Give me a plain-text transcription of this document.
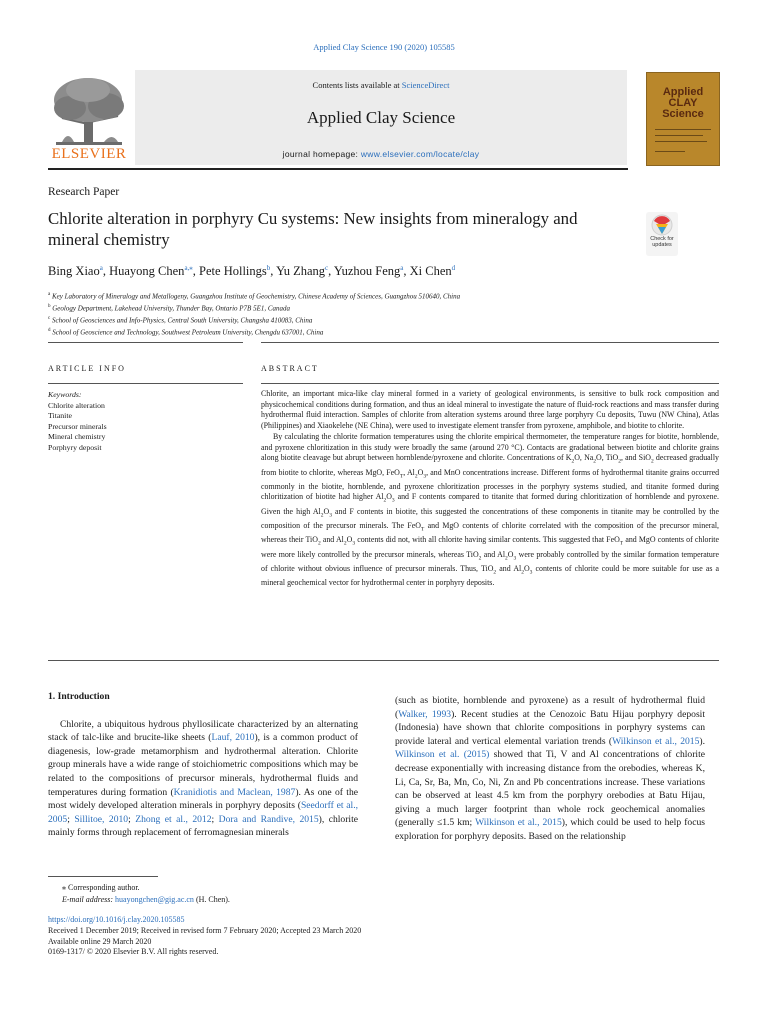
Applied Clay Science 190 (2020) 105585
Contents lists available at ScienceDirect
Applied Clay Science
journal homepage: www.elsevier.com/locate/clay
ELSEVIER
Applied CLAY Science
Research Paper
Chlorite alteration in porphyry Cu systems: New insights from mineralogy and mineral chemistry	Check for updates
Bing Xiao$^a$, Huayong Chen$^{a,⁎}$, Pete Hollings$^b$, Yu Zhang$^c$, Yuzhou Feng$^a$, Xi Chen$^d$
$^a$ Key Laboratory of Mineralogy and Metallogeny, Guangzhou Institute of Geochemistry, Chinese Academy of Sciences, Guangzhou 510640, China
$^b$ Geology Department, Lakehead University, Thunder Bay, Ontario P7B 5E1, Canada
$^c$ School of Geosciences and Info-Physics, Central South University, Changsha 410083, China
$^d$ School of Geoscience and Technology, Southwest Petroleum University, Chengdu 637001, China
ARTICLE INFO	ABSTRACT
Keywords:
Chlorite alteration
Titanite
Precursor minerals
Mineral chemistry
Porphyry deposit

Chlorite, an important mica-like clay mineral formed in a variety of geological environments, is sensitive to bulk rock composition and physicochemical conditions during formation, and thus an ideal mineral to investigate the nature of fluid-rock reactions and mass transfer during hydrothermal fluid interaction. Samples of chlorite from alteration systems around three large porphyry Cu deposits, Tuwu (NW China), Atlas (Philippines) and Xiaokelehe (NE China), were used to investigate element transfer from pyroxene, amphibole, and biotite to chlorite.

By calculating the chlorite formation temperatures using the chlorite empirical thermometer, the temperature ranges for biotite, hornblende, and pyroxene chloritization in this study were broadly the same (around 270 °C). Contacts are gradational between biotite and chlorite grains along biotite cleavage but abrupt between hornblende/pyroxene and chlorite. Concentrations of $K_2O$, $Na_2O$, TiO$_2$, and SiO$_2$ decreased gradually from biotite to chlorite, whereas MgO, FeO$_T$, $Al_2O_3$, and MnO concentrations increase. Different forms of hydrothermal titanite grains occurred commonly in the biotite, hornblende, and pyroxene chloritization processes in the porphyry systems studied, and titanite formed during chloritization of biotite had higher $Al_2O_3$ and F contents compared to titanite that formed during chloritization of hornblende and pyroxene. Given the high $Al_2O_3$ and F contents in biotite, this suggested the concentrations of these components in titanite may be controlled by the composition of the precursor minerals. The FeO$_T$ and MgO contents of chlorite correlated with the composition of the precursor mineral, whereas their TiO$_2$ and $Al_2O_3$ contents did not, with all chlorite having similar contents. This suggested that FeO$_T$ and MgO contents of chlorite were more likely controlled by the precursor minerals, whereas TiO$_2$ and $Al_2O_3$ were probably controlled by the similar formation temperature of chlorite without obvious influence of precursor minerals. Thus, TiO$_2$ and $Al_2O_3$ contents of chlorite could be more suitable for use as a mineral geochemical vector for hydrothermal center in porphyry deposits.

1. Introduction

Chlorite, a ubiquitous hydrous phyllosilicate characterized by an alternating stack of talc-like and brucite-like sheets (Lauf, 2010), is a common product of diagenesis, low-grade metamorphism and hydrothermal alteration. Chlorite group minerals have a wide range of stoichiometric compositions which may be related to the compositions of precursor minerals, hydrothermal fluids and temperatures during formation (Kranidiotis and Maclean, 1987). As one of the most widely developed alteration minerals in porphyry deposits (Seedorff et al., 2005; Sillitoe, 2010; Zhong et al., 2012; Dora and Randive, 2015), chlorite mainly forms through replacement of ferromagnesian minerals

(such as biotite, hornblende and pyroxene) as a result of hydrothermal fluid (Walker, 1993). Recent studies at the Cenozoic Batu Hijau porphyry deposit (Indonesia) have shown that chlorite compositions in porphyry systems can provide lateral and vertical elemental variation trends (Wilkinson et al., 2015). Wilkinson et al. (2015) showed that Ti, V and Al concentrations of chlorite decrease exponentially with increasing distance from the orebodies, whereas K, Li, Ca, Sr, Ba, Mn, Co, Ni, Zn and Pb concentrations increase. These variations can be observed at least 4.5 km from the porphyry orebodies at Batu Hijau, giving a much larger footprint than whole rock geochemical anomalies (generally ≤1.5 km; Wilkinson et al., 2015), which could be used to help focus exploration for porphyry deposits. Based on the relationship

⁎ Corresponding author.
E-mail address: huayongchen@gig.ac.cn (H. Chen).
https://doi.org/10.1016/j.clay.2020.105585
Received 1 December 2019; Received in revised form 7 February 2020; Accepted 23 March 2020
Available online 29 March 2020
0169-1317/ © 2020 Elsevier B.V. All rights reserved.
